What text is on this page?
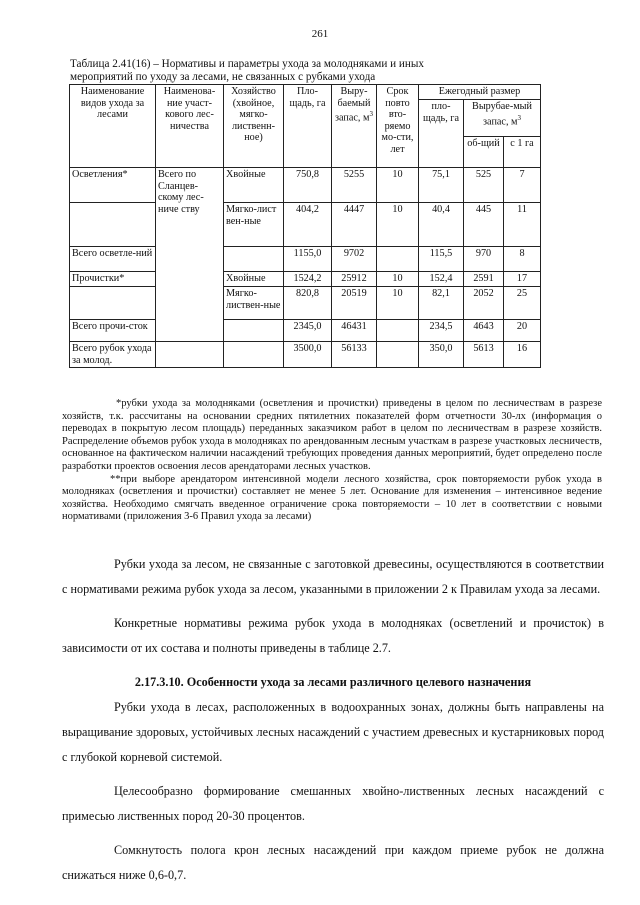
261
Таблица 2.41(16) – Нормативы и параметры ухода за молодняками и иных
мероприятий по уходу за лесами, не связанных с рубками ухода
Наименование видов ухода за лесами	Наименова-ние участ-кового лес-ничества	Хозяйство (хвойное, мягко-лиственн-ное)	Пло-щадь, га	Выру-баемый запас, $м^3$	Срок повто вто-ряемо мо-сти, лет	Ежегодный размер		
						пло-щадь, га	Вырубае-мый запас, $м^3$
							об-щий	с 1 га
Осветления*	Всего по Сланцев-скому лес-ниче ству	Хвойные	750,8	5255	10	75,1	525	7
		Мягко-лист вен-ные	404,2	4447	10	40,4	445	11
Всего осветле-ний			1155,0	9702		115,5	970	8
Прочистки*		Хвойные	1524,2	25912	10	152,4	2591	17
		Мягко-листвен-ные	820,8	20519	10	82,1	2052	25
Всего прочи-сток			2345,0	46431		234,5	4643	20
Всего рубок ухода за молод.			3500,0	56133		350,0	5613	16

*рубки ухода за молодняками (осветления и прочистки) приведены в целом по лесничествам в разрезе хозяйств, т.к. рассчитаны на основании средних пятилетних показателей форм отчетности 30-лх (информация о переводах в покрытую лесом площадь) переданных заказчиком работ в целом по лесничествам в разрезе хозяйств. Распределение объемов рубок ухода в молодняках по арендованным лесным участкам в разрезе участковых лесничеств, основанное на фактическом наличии насаждений требующих проведения данных мероприятий, будет определено после разработки проектов освоения лесов арендаторами лесных участков.

**при выборе арендатором интенсивной модели лесного хозяйства, срок повторяемости рубок ухода в молодняках (осветления и прочистки) составляет не менее 5 лет. Основание для изменения – интенсивное ведение хозяйства. Необходимо смягчать введенное ограничение срока повторяемости – 10 лет в соответствии с новыми нормативами (приложения 3-6 Правил ухода за лесами)

Рубки ухода за лесом, не связанные с заготовкой древесины, осуществляются в соответствии с нормативами режима рубок ухода за лесом, указанными в приложении 2 к Правилам ухода за лесами.

Конкретные нормативы режима рубок ухода в молодняках (осветлений и прочисток) в зависимости от их состава и полноты приведены в таблице 2.7.

2.17.3.10. Особенности ухода за лесами различного целевого назначения

Рубки ухода в лесах, расположенных в водоохранных зонах, должны быть направлены на выращивание здоровых, устойчивых лесных насаждений с участием древесных и кустарниковых пород с глубокой корневой системой.

Целесообразно формирование смешанных хвойно-лиственных лесных насаждений с примесью лиственных пород 20-30 процентов.

Сомкнутость полога крон лесных насаждений при каждом приеме рубок не должна снижаться ниже 0,6-0,7.
